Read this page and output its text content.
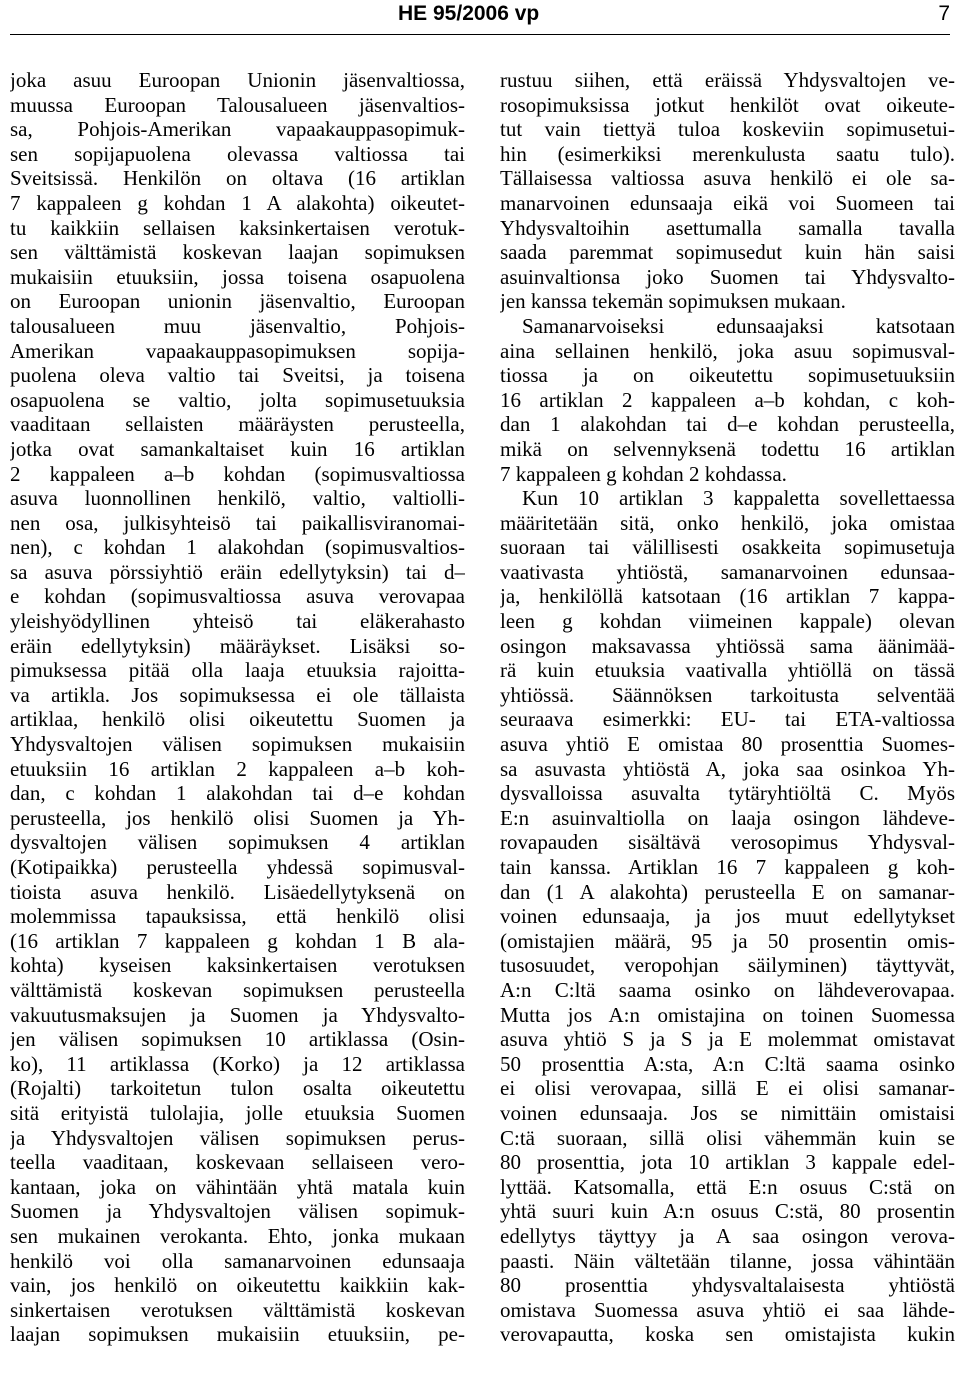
HE 95/2006 vp	7
joka asuu Euroopan Unionin jäsenvaltiossa,
muussa Euroopan Talousalueen jäsenvaltios-
sa, Pohjois-Amerikan vapaakauppasopimuk-
sen sopijapuolena olevassa valtiossa tai
Sveitsissä. Henkilön on oltava (16 artiklan
7 kappaleen g kohdan 1 A alakohta) oikeutet-
tu kaikkiin sellaisen kaksinkertaisen verotuk-
sen välttämistä koskevan laajan sopimuksen
mukaisiin etuuksiin, jossa toisena osapuolena
on Euroopan unionin jäsenvaltio, Euroopan
talousalueen muu jäsenvaltio, Pohjois-
Amerikan vapaakauppasopimuksen sopija-
puolena oleva valtio tai Sveitsi, ja toisena
osapuolena se valtio, jolta sopimusetuuksia
vaaditaan sellaisten määräysten perusteella,
jotka ovat samankaltaiset kuin 16 artiklan
2 kappaleen a–b kohdan (sopimusvaltiossa
asuva luonnollinen henkilö, valtio, valtiolli-
nen osa, julkisyhteisö tai paikallisviranomai-
nen), c kohdan 1 alakohdan (sopimusvaltios-
sa asuva pörssiyhtiö eräin edellytyksin) tai d–
e kohdan (sopimusvaltiossa asuva verovapaa
yleishyödyllinen yhteisö tai eläkerahasto
eräin edellytyksin) määräykset. Lisäksi so-
pimuksessa pitää olla laaja etuuksia rajoitta-
va artikla. Jos sopimuksessa ei ole tällaista
artiklaa, henkilö olisi oikeutettu Suomen ja
Yhdysvaltojen välisen sopimuksen mukaisiin
etuuksiin 16 artiklan 2 kappaleen a–b koh-
dan, c kohdan 1 alakohdan tai d–e kohdan
perusteella, jos henkilö olisi Suomen ja Yh-
dysvaltojen välisen sopimuksen 4 artiklan
(Kotipaikka) perusteella yhdessä sopimusval-
tioista asuva henkilö. Lisäedellytyksenä on
molemmissa tapauksissa, että henkilö olisi
(16 artiklan 7 kappaleen g kohdan 1 B ala-
kohta) kyseisen kaksinkertaisen verotuksen
välttämistä koskevan sopimuksen perusteella
vakuutusmaksujen ja Suomen ja Yhdysvalto-
jen välisen sopimuksen 10 artiklassa (Osin-
ko), 11 artiklassa (Korko) ja 12 artiklassa
(Rojalti) tarkoitetun tulon osalta oikeutettu
sitä erityistä tulolajia, jolle etuuksia Suomen
ja Yhdysvaltojen välisen sopimuksen perus-
teella vaaditaan, koskevaan sellaiseen vero-
kantaan, joka on vähintään yhtä matala kuin
Suomen ja Yhdysvaltojen välisen sopimuk-
sen mukainen verokanta. Ehto, jonka mukaan
henkilö voi olla samanarvoinen edunsaaja
vain, jos henkilö on oikeutettu kaikkiin kak-
sinkertaisen verotuksen välttämistä koskevan
laajan sopimuksen mukaisiin etuuksiin, pe-
rustuu siihen, että eräissä Yhdysvaltojen ve-
rosopimuksissa jotkut henkilöt ovat oikeute-
tut vain tiettyä tuloa koskeviin sopimusetui-
hin (esimerkiksi merenkulusta saatu tulo).
Tällaisessa valtiossa asuva henkilö ei ole sa-
manarvoinen edunsaaja eikä voi Suomeen tai
Yhdysvaltoihin asettumalla samalla tavalla
saada paremmat sopimusedut kuin hän saisi
asuinvaltionsa joko Suomen tai Yhdysvalto-
jen kanssa tekemän sopimuksen mukaan.
Samanarvoiseksi edunsaajaksi katsotaan
aina sellainen henkilö, joka asuu sopimusval-
tiossa ja on oikeutettu sopimusetuuksiin
16 artiklan 2 kappaleen a–b kohdan, c koh-
dan 1 alakohdan tai d–e kohdan perusteella,
mikä on selvennyksenä todettu 16 artiklan
7 kappaleen g kohdan 2 kohdassa.
Kun 10 artiklan 3 kappaletta sovellettaessa
määritetään sitä, onko henkilö, joka omistaa
suoraan tai välillisesti osakkeita sopimusetuja
vaativasta yhtiöstä, samanarvoinen edunsaa-
ja, henkilöllä katsotaan (16 artiklan 7 kappa-
leen g kohdan viimeinen kappale) olevan
osingon maksavassa yhtiössä sama äänimää-
rä kuin etuuksia vaativalla yhtiöllä on tässä
yhtiössä. Säännöksen tarkoitusta selventää
seuraava esimerkki: EU- tai ETA-valtiossa
asuva yhtiö E omistaa 80 prosenttia Suomes-
sa asuvasta yhtiöstä A, joka saa osinkoa Yh-
dysvalloissa asuvalta tytäryhtiöltä C. Myös
E:n asuinvaltiolla on laaja osingon lähdeve-
rovapauden sisältävä verosopimus Yhdysval-
tain kanssa. Artiklan 16 7 kappaleen g koh-
dan (1 A alakohta) perusteella E on samanar-
voinen edunsaaja, ja jos muut edellytykset
(omistajien määrä, 95 ja 50 prosentin omis-
tusosuudet, veropohjan säilyminen) täyttyvät,
A:n C:ltä saama osinko on lähdeverovapaa.
Mutta jos A:n omistajina on toinen Suomessa
asuva yhtiö S ja S ja E molemmat omistavat
50 prosenttia A:sta, A:n C:ltä saama osinko
ei olisi verovapaa, sillä E ei olisi samanar-
voinen edunsaaja. Jos se nimittäin omistaisi
C:tä suoraan, sillä olisi vähemmän kuin se
80 prosenttia, jota 10 artiklan 3 kappale edel-
lyttää. Katsomalla, että E:n osuus C:stä on
yhtä suuri kuin A:n osuus C:stä, 80 prosentin
edellytys täyttyy ja A saa osingon verova-
paasti. Näin vältetään tilanne, jossa vähintään
80 prosenttia yhdysvaltalaisesta yhtiöstä
omistava Suomessa asuva yhtiö ei saa lähde-
verovapautta, koska sen omistajista kukin
